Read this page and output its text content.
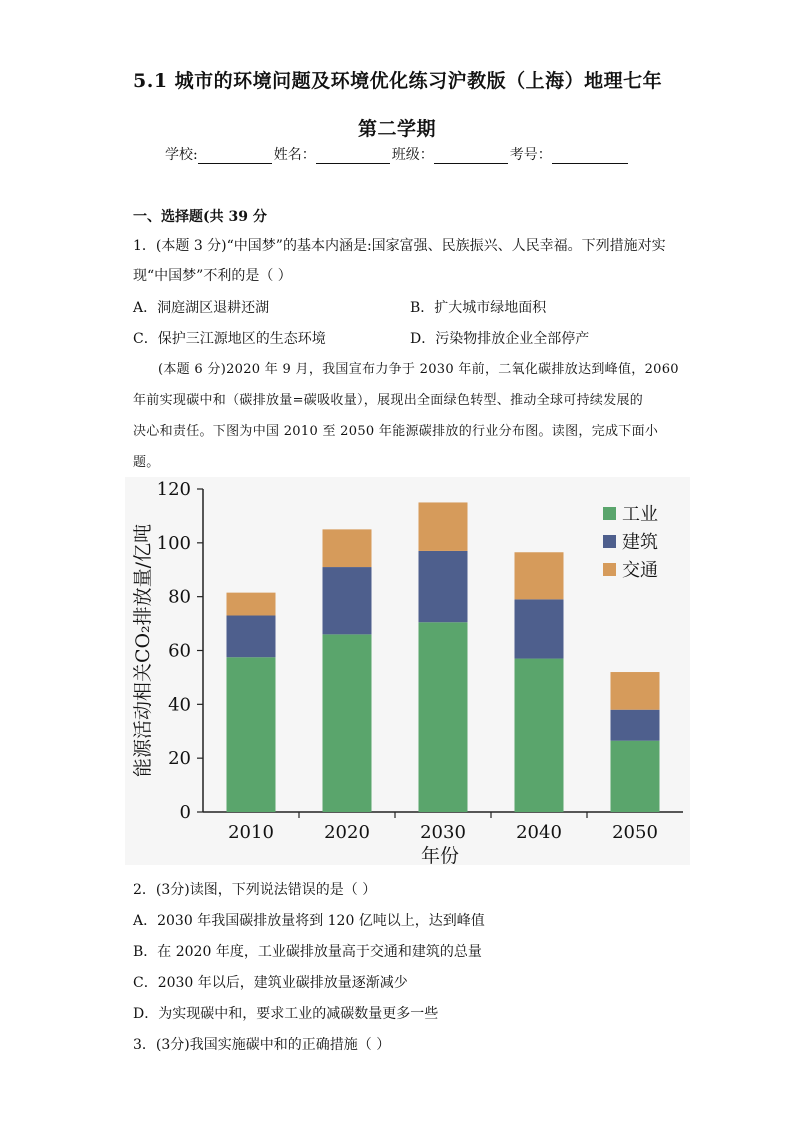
5.1 城市的环境问题及环境优化练习沪教版（上海）地理七年
第二学期
学校:	姓名：	班级：	考号：
一、选择题(共 39 分
1．(本题 3 分)“中国梦”的基本内涵是:国家富强、民族振兴、人民幸福。下列措施对实
现“中国梦”不利的是（ ）
A．洞庭湖区退耕还湖	B．扩大城市绿地面积
C．保护三江源地区的生态环境	D．污染物排放企业全部停产
(本题 6 分)2020 年 9 月，我国宣布力争于 2030 年前，二氧化碳排放达到峰值，2060
年前实现碳中和（碳排放量=碳吸收量），展现出全面绿色转型、推动全球可持续发展的
决心和责任。下图为中国 2010 至 2050 年能源碳排放的行业分布图。读图，完成下面小
题。
0
20
40
60
80
100
120
2010	2020	2030	2040	2050
年份
能源活动相关CO₂排放量/亿吨
工业
建筑
交通
2．(3分)读图，下列说法错误的是（ ）
A．2030 年我国碳排放量将到 120 亿吨以上，达到峰值
B．在 2020 年度，工业碳排放量高于交通和建筑的总量
C．2030 年以后，建筑业碳排放量逐渐减少
D．为实现碳中和，要求工业的减碳数量更多一些
3．(3分)我国实施碳中和的正确措施（ ）
